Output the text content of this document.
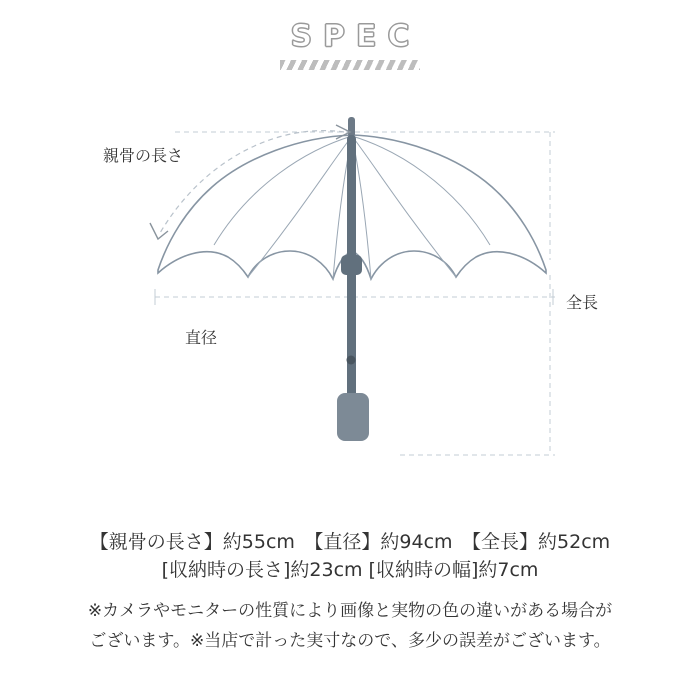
SPEC
親骨の長さ
直径
全長
【親骨の長さ】約55cm　【直径】約94cm　【全長】約52cm
[収納時の長さ]約23cm [収納時の幅]約7cm
※カメラやモニターの性質により画像と実物の色の違いがある場合が
ございます。※当店で計った実寸なので、多少の誤差がございます。
